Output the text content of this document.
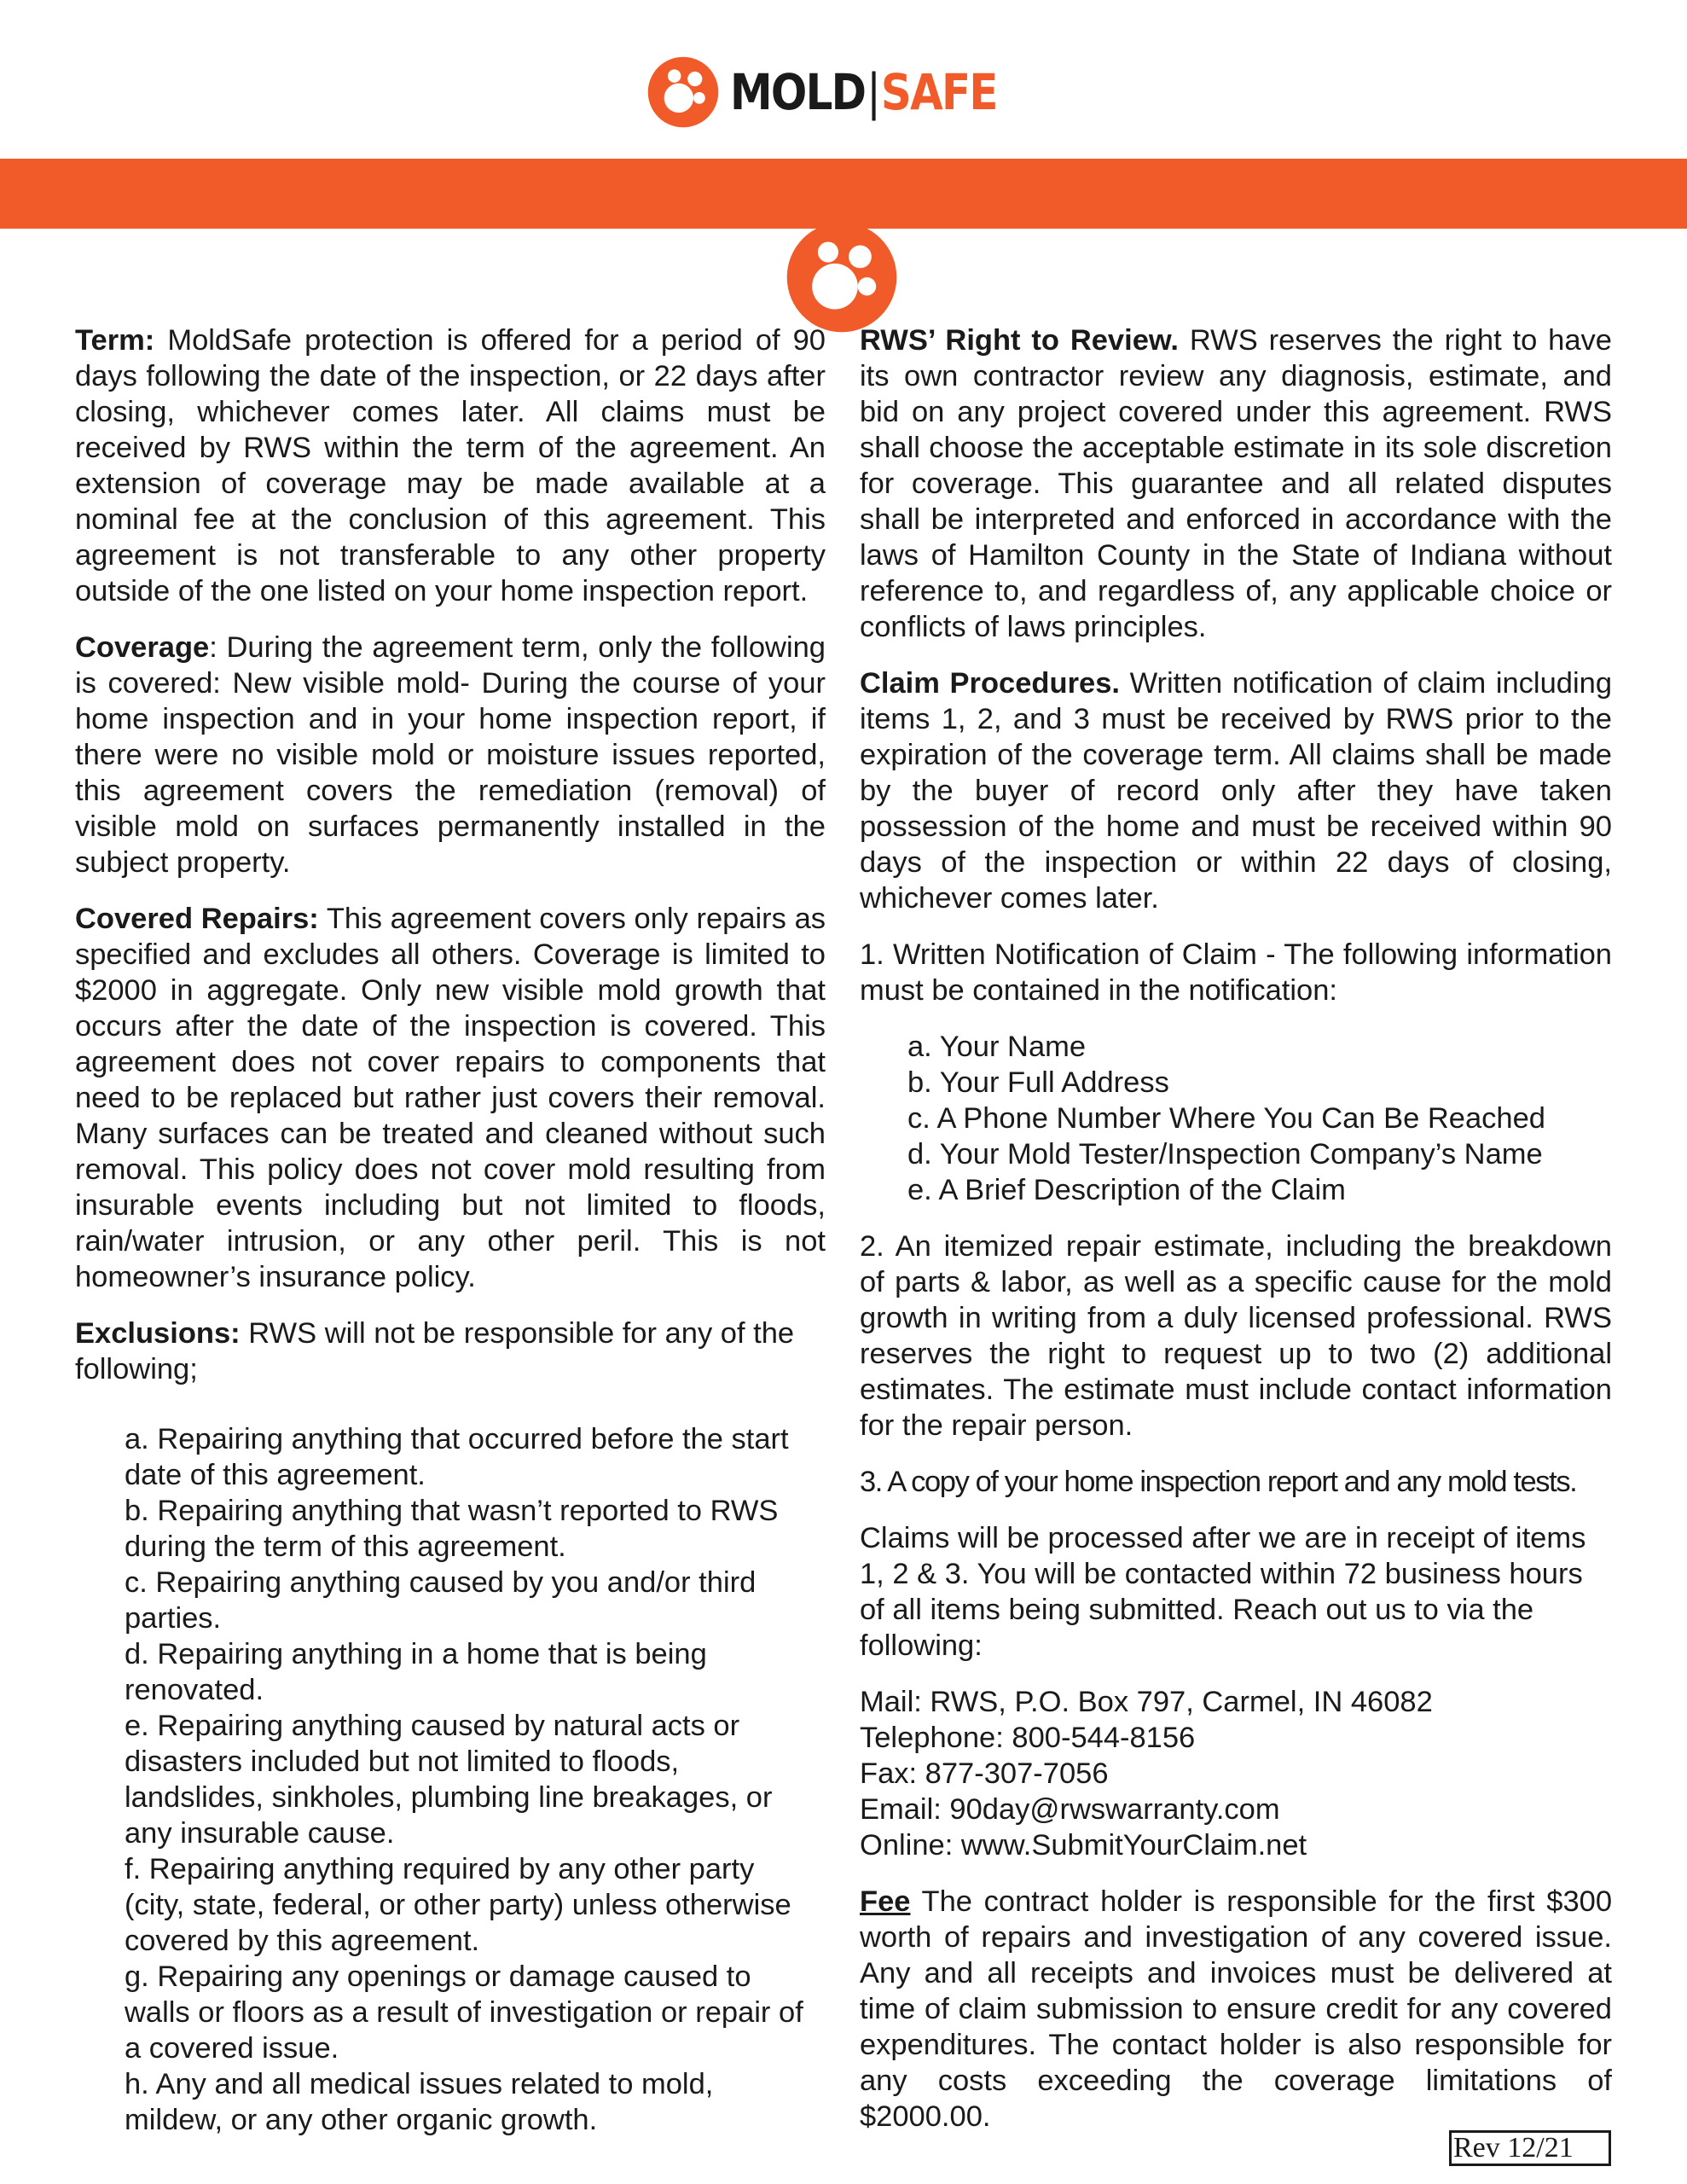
MOLD|SAFE

Term: MoldSafe protection is offered for a period of 90 days following the date of the inspection, or 22 days after closing, whichever comes later. All claims must be received by RWS within the term of the agreement. An extension of coverage may be made available at a nominal fee at the conclusion of this agreement. This agreement is not transferable to any other property outside of the one listed on your home inspection report.

Coverage: During the agreement term, only the following is covered: New visible mold- During the course of your home inspection and in your home inspection report, if there were no visible mold or moisture issues reported, this agreement covers the remediation (removal) of visible mold on surfaces permanently installed in the subject property.

Covered Repairs: This agreement covers only repairs as specified and excludes all others. Coverage is limited to $2000 in aggregate. Only new visible mold growth that occurs after the date of the inspection is covered. This agreement does not cover repairs to components that need to be replaced but rather just covers their removal. Many surfaces can be treated and cleaned without such removal. This policy does not cover mold resulting from insurable events including but not limited to floods, rain/water intrusion, or any other peril. This is not homeowner’s insurance policy.

Exclusions: RWS will not be responsible for any of the following;

a. Repairing anything that occurred before the start date of this agreement.
b. Repairing anything that wasn’t reported to RWS during the term of this agreement.
c. Repairing anything caused by you and/or third parties.
d. Repairing anything in a home that is being renovated.
e. Repairing anything caused by natural acts or disasters included but not limited to floods, landslides, sinkholes, plumbing line breakages, or any insurable cause.
f. Repairing anything required by any other party (city, state, federal, or other party) unless otherwise covered by this agreement.
g. Repairing any openings or damage caused to walls or floors as a result of investigation or repair of a covered issue.
h. Any and all medical issues related to mold, mildew, or any other organic growth.

RWS’ Right to Review. RWS reserves the right to have its own contractor review any diagnosis, estimate, and bid on any project covered under this agreement. RWS shall choose the acceptable estimate in its sole discretion for coverage. This guarantee and all related disputes shall be interpreted and enforced in accordance with the laws of Hamilton County in the State of Indiana without reference to, and regardless of, any applicable choice or conflicts of laws principles.

Claim Procedures. Written notification of claim including items 1, 2, and 3 must be received by RWS prior to the expiration of the coverage term. All claims shall be made by the buyer of record only after they have taken possession of the home and must be received within 90 days of the inspection or within 22 days of closing, whichever comes later.

1. Written Notification of Claim - The following information must be contained in the notification:

a. Your Name
b. Your Full Address
c. A Phone Number Where You Can Be Reached
d. Your Mold Tester/Inspection Company’s Name
e. A Brief Description of the Claim

2. An itemized repair estimate, including the breakdown of parts & labor, as well as a specific cause for the mold growth in writing from a duly licensed professional. RWS reserves the right to request up to two (2) additional estimates. The estimate must include contact information for the repair person.

3. A copy of your home inspection report and any mold tests.

Claims will be processed after we are in receipt of items 1, 2 & 3. You will be contacted within 72 business hours of all items being submitted. Reach out us to via the following:

Mail: RWS, P.O. Box 797, Carmel, IN 46082
Telephone: 800-544-8156
Fax: 877-307-7056
Email: 90day@rwswarranty.com
Online: www.SubmitYourClaim.net

Fee The contract holder is responsible for the first $300 worth of repairs and investigation of any covered issue. Any and all receipts and invoices must be delivered at time of claim submission to ensure credit for any covered expenditures. The contact holder is also responsible for any costs exceeding the coverage limitations of $2000.00.

Rev 12/21
